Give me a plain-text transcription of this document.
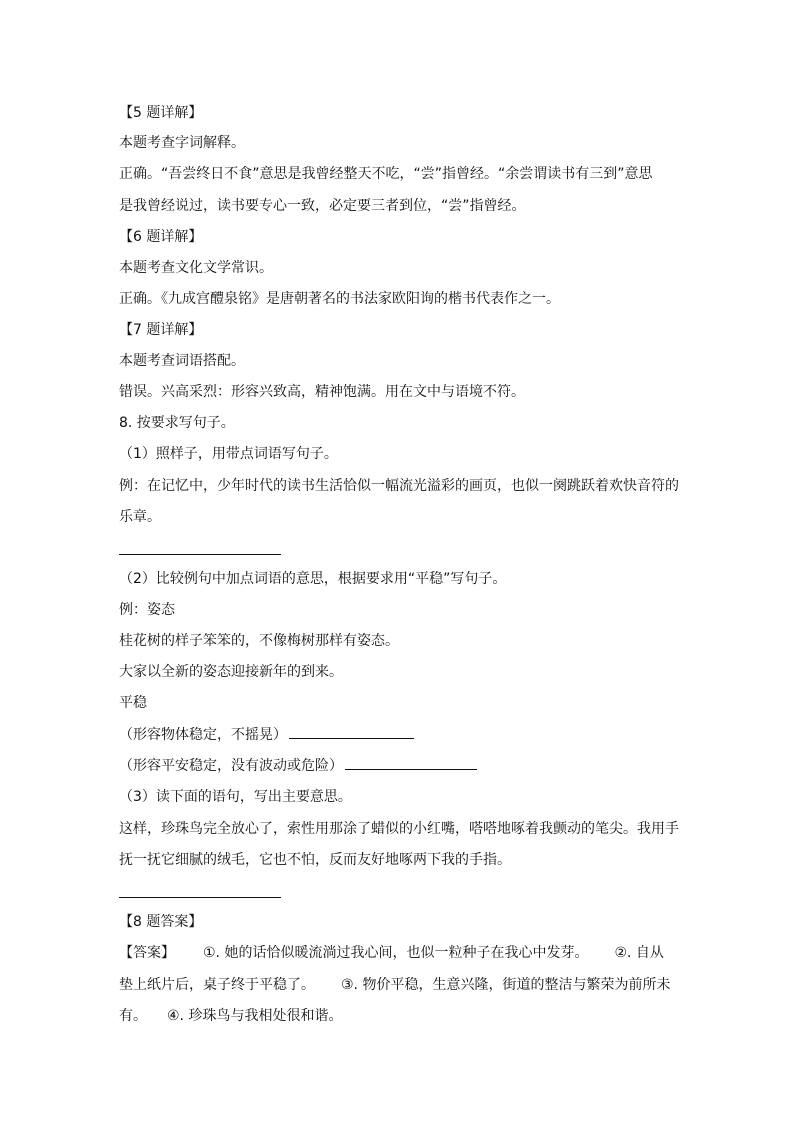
【5 题详解】
本题考查字词解释。
正确。“吾尝终日不食”意思是我曾经整天不吃，“尝”指曾经。“余尝谓读书有三到”意思
是我曾经说过，读书要专心一致，必定要三者到位，“尝”指曾经。
【6 题详解】
本题考查文化文学常识。
正确。《九成宫醴泉铭》是唐朝著名的书法家欧阳询的楷书代表作之一。
【7 题详解】
本题考查词语搭配。
错误。兴高采烈：形容兴致高，精神饱满。用在文中与语境不符。
8. 按要求写句子。
（1）照样子，用带点词语写句子。
例：在记忆中，少年时代的读书生活恰似一幅流光溢彩的画页，也似一阕跳跃着欢快音符的
乐章。
（2）比较例句中加点词语的意思，根据要求用“平稳”写句子。
例：姿态
桂花树的样子笨笨的，不像梅树那样有姿态。
大家以全新的姿态迎接新年的到来。
平稳
（形容物体稳定，不摇晃）
（形容平安稳定，没有波动或危险）
（3）读下面的语句，写出主要意思。
这样，珍珠鸟完全放心了，索性用那涂了蜡似的小红嘴，嗒嗒地啄着我颤动的笔尖。我用手
抚一抚它细腻的绒毛，它也不怕，反而友好地啄两下我的手指。
【8 题答案】
【答案】 ①. 她的话恰似暖流淌过我心间，也似一粒种子在我心中发芽。 ②. 自从
垫上纸片后，桌子终于平稳了。 ③. 物价平稳，生意兴隆，街道的整洁与繁荣为前所未
有。 ④. 珍珠鸟与我相处很和谐。
